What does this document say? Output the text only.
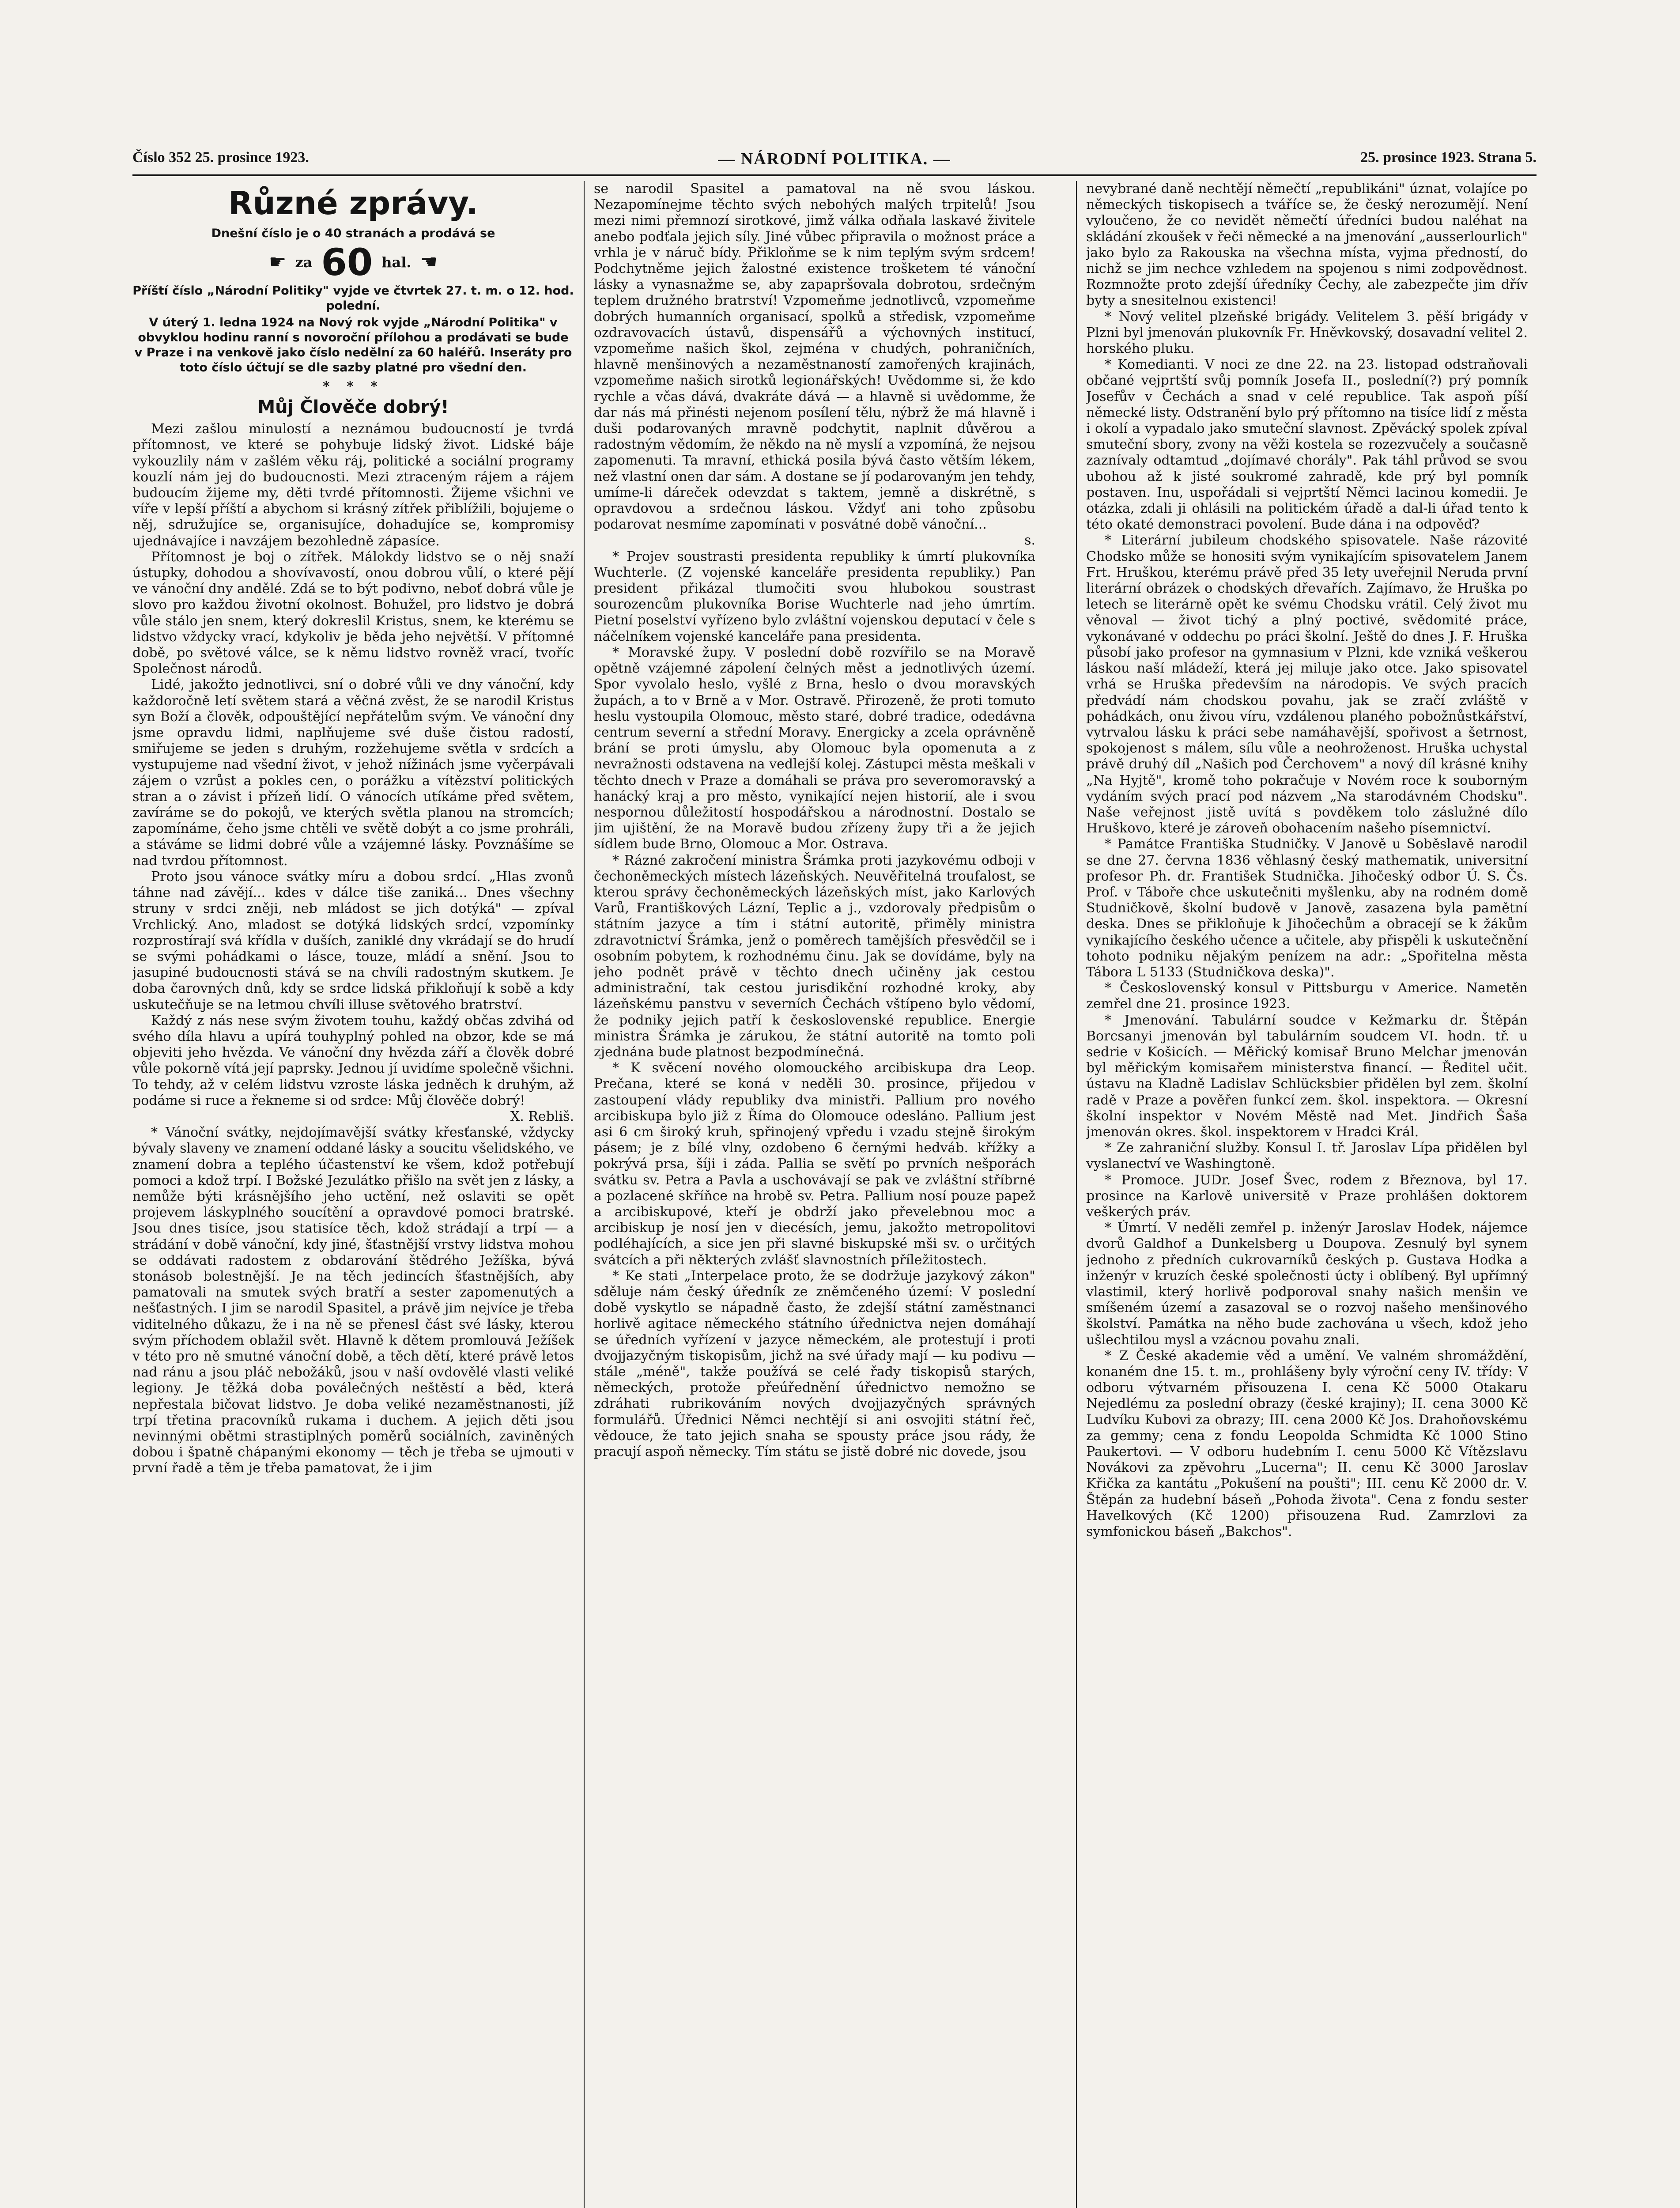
Číslo 352 25. prosince 1923.	— NÁRODNÍ POLITIKA. —	25. prosince 1923. Strana 5.
Různé zprávy.
Dnešní číslo je o 40 stranách a prodává se
☛ za 60 hal. ☚
Příští číslo „Národní Politiky" vyjde ve čtvrtek 27. t. m. o 12. hod. polední.
V úterý 1. ledna 1924 na Nový rok vyjde „Národní Politika" v obvyklou hodinu ranní s novoroční přílohou a prodávati se bude v Praze i na venkově jako číslo nedělní za 60 haléřů. Inseráty pro toto číslo účtují se dle sazby platné pro všední den.
* * *
Můj Člověče dobrý!

Mezi zašlou minulostí a neznámou budoucností je tvrdá přítomnost, ve které se pohybuje lidský život. Lidské báje vykouzlily nám v zašlém věku ráj, politické a sociální programy kouzlí nám jej do budoucnosti. Mezi ztraceným rájem a rájem budoucím žijeme my, děti tvrdé přítomnosti. Žijeme všichni ve víře v lepší příští a abychom si krásný zítřek přiblížili, bojujeme o něj, sdružujíce se, organisujíce, dohadujíce se, kompromisy ujednávajíce i navzájem bezohledně zápasíce.

Přítomnost je boj o zítřek. Málokdy lidstvo se o něj snaží ústupky, dohodou a shovívavostí, onou dobrou vůlí, o které pějí ve vánoční dny andělé. Zdá se to být podivno, neboť dobrá vůle je slovo pro každou životní okolnost. Bohužel, pro lidstvo je dobrá vůle stálo jen snem, který dokreslil Kristus, snem, ke kterému se lidstvo vždycky vrací, kdykoliv je běda jeho největší. V přítomné době, po světové válce, se k němu lidstvo rovněž vrací, tvoříc Společnost národů.

Lidé, jakožto jednotlivci, sní o dobré vůli ve dny vánoční, kdy každoročně letí světem stará a věčná zvěst, že se narodil Kristus syn Boží a člověk, odpouštějící nepřátelům svým. Ve vánoční dny jsme opravdu lidmi, naplňujeme své duše čistou radostí, smiřujeme se jeden s druhým, rozžehujeme světla v srdcích a vystupujeme nad všední život, v jehož nížinách jsme vyčerpávali zájem o vzrůst a pokles cen, o porážku a vítězství politických stran a o závist i přízeň lidí. O vánocích utíkáme před světem, zavíráme se do pokojů, ve kterých světla planou na stromcích; zapomínáme, čeho jsme chtěli ve světě dobýt a co jsme prohráli, a stáváme se lidmi dobré vůle a vzájemné lásky. Povznášíme se nad tvrdou přítomnost.

Proto jsou vánoce svátky míru a dobou srdcí. „Hlas zvonů táhne nad závějí... kdes v dálce tiše zaniká... Dnes všechny struny v srdci zněji, neb mládost se jich dotýká" — zpíval Vrchlický. Ano, mladost se dotýká lidských srdcí, vzpomínky rozprostírají svá křídla v duších, zaniklé dny vkrádají se do hrudí se svými pohádkami o lásce, touze, mládí a snění. Jsou to jasupiné budoucnosti stává se na chvíli radostným skutkem. Je doba čarovných dnů, kdy se srdce lidská přikloňují k sobě a kdy uskutečňuje se na letmou chvíli illuse světového bratrství.

Každý z nás nese svým životem touhu, každý občas zdvihá od svého díla hlavu a upírá touhyplný pohled na obzor, kde se má objeviti jeho hvězda. Ve vánoční dny hvězda září a člověk dobré vůle pokorně vítá její paprsky. Jednou jí uvidíme společně všichni. To tehdy, až v celém lidstvu vzroste láska jedněch k druhým, až podáme si ruce a řekneme si od srdce: Můj člověče dobrý!

X. Rebliš.

* Vánoční svátky, nejdojímavější svátky křesťanské, vždycky bývaly slaveny ve znamení oddané lásky a soucitu všelidského, ve znamení dobra a teplého účastenství ke všem, kdož potřebují pomoci a kdož trpí. I Božské Jezulátko přišlo na svět jen z lásky, a nemůže býti krásnějšího jeho uctění, než oslaviti se opět projevem láskyplného soucítění a opravdové pomoci bratrské. Jsou dnes tisíce, jsou statisíce těch, kdož strádají a trpí — a strádání v době vánoční, kdy jiné, šťastnější vrstvy lidstva mohou se oddávati radostem z obdarování štědrého Ježíška, bývá stonásob bolestnější. Je na těch jedincích šťastnějších, aby pamatovali na smutek svých bratří a sester zapomenutých a nešťastných. I jim se narodil Spasitel, a právě jim nejvíce je třeba viditelného důkazu, že i na ně se přenesl část své lásky, kterou svým příchodem oblažil svět. Hlavně k dětem promlouvá Ježíšek v této pro ně smutné vánoční době, a těch dětí, které právě letos nad ránu a jsou pláč nebožáků, jsou v naší ovdovělé vlasti veliké legiony. Je těžká doba poválečných neštěstí a běd, která nepřestala bičovat lidstvo. Je doba veliké nezaměstnanosti, jíž trpí třetina pracovníků rukama i duchem. A jejich děti jsou nevinnými obětmi strastiplných poměrů sociálních, zaviněných dobou i špatně chápanými ekonomy — těch je třeba se ujmouti v první řadě a těm je třeba pamatovat, že i jim

se narodil Spasitel a pamatoval na ně svou láskou. Nezapomínejme těchto svých nebohých malých trpitelů! Jsou mezi nimi přemnozí sirotkové, jimž válka odňala laskavé živitele anebo podťala jejich síly. Jiné vůbec připravila o možnost práce a vrhla je v náruč bídy. Přikloňme se k nim teplým svým srdcem! Podchytněme jejich žalostné existence trošketem té vánoční lásky a vynasnažme se, aby zapapršovala dobrotou, srdečným teplem družného bratrství! Vzpomeňme jednotlivců, vzpomeňme dobrých humanních organisací, spolků a středisk, vzpomeňme ozdravovacích ústavů, dispensářů a výchovných institucí, vzpomeňme našich škol, zejména v chudých, pohraničních, hlavně menšinových a nezaměstnaností zamořených krajinách, vzpomeňme našich sirotků legionářských! Uvědomme si, že kdo rychle a včas dává, dvakráte dává — a hlavně si uvědomme, že dar nás má přinésti nejenom posílení tělu, nýbrž že má hlavně i duši podarovaných mravně podchytit, naplnit důvěrou a radostným vědomím, že někdo na ně myslí a vzpomíná, že nejsou zapomenuti. Ta mravní, ethická posila bývá často větším lékem, než vlastní onen dar sám. A dostane se jí podarovaným jen tehdy, umíme-li dáreček odevzdat s taktem, jemně a diskrétně, s opravdovou a srdečnou láskou. Vždyť ani toho způsobu podarovat nesmíme zapomínati v posvátné době vánoční...

s.

* Projev soustrasti presidenta republiky k úmrtí plukovníka Wuchterle. (Z vojenské kanceláře presidenta republiky.) Pan president přikázal tlumočiti svou hlubokou soustrast sourozencům plukovníka Borise Wuchterle nad jeho úmrtím. Pietní poselství vyřízeno bylo zvláštní vojenskou deputací v čele s náčelníkem vojenské kanceláře pana presidenta.

* Moravské župy. V poslední době rozvířilo se na Moravě opětně vzájemné zápolení čelných měst a jednotlivých území. Spor vyvolalo heslo, vyšlé z Brna, heslo o dvou moravských župách, a to v Brně a v Mor. Ostravě. Přirozeně, že proti tomuto heslu vystoupila Olomouc, město staré, dobré tradice, odedávna centrum severní a střední Moravy. Energicky a zcela oprávněně brání se proti úmyslu, aby Olomouc byla opomenuta a z nevražnosti odstavena na vedlejší kolej. Zástupci města meškali v těchto dnech v Praze a domáhali se práva pro severomoravský a hanácký kraj a pro město, vynikající nejen historií, ale i svou nespornou důležitostí hospodářskou a národnostní. Dostalo se jim ujištění, že na Moravě budou zřízeny župy tři a že jejich sídlem bude Brno, Olomouc a Mor. Ostrava.

* Rázné zakročení ministra Šrámka proti jazykovému odboji v čechoněmeckých místech lázeňských. Neuvěřitelná troufalost, se kterou správy čechoněmeckých lázeňských míst, jako Karlových Varů, Františkových Lázní, Teplic a j., vzdorovaly předpisům o státním jazyce a tím i státní autoritě, přiměly ministra zdravotnictví Šrámka, jenž o poměrech tamějších přesvědčil se i osobním pobytem, k rozhodnému činu. Jak se dovídáme, byly na jeho podnět právě v těchto dnech učiněny jak cestou administrační, tak cestou jurisdikční rozhodné kroky, aby lázeňskému panstvu v severních Čechách vštípeno bylo vědomí, že podniky jejich patří k československé republice. Energie ministra Šrámka je zárukou, že státní autoritě na tomto poli zjednána bude platnost bezpodmínečná.

* K svěcení nového olomouckého arcibiskupa dra Leop. Prečana, které se koná v neděli 30. prosince, přijedou v zastoupení vlády republiky dva ministři. Pallium pro nového arcibiskupa bylo již z Říma do Olomouce odesláno. Pallium jest asi 6 cm široký kruh, spřinojený vpředu i vzadu stejně širokým pásem; je z bílé vlny, ozdobeno 6 černými hedváb. křížky a pokrývá prsa, šíji i záda. Pallia se světí po prvních nešporách svátku sv. Petra a Pavla a uschovávají se pak ve zvláštní stříbrné a pozlacené skříňce na hrobě sv. Petra. Pallium nosí pouze papež a arcibiskupové, kteří je obdrží jako převelebnou moc a arcibiskup je nosí jen v diecésích, jemu, jakožto metropolitovi podléhajících, a sice jen při slavné biskupské mši sv. o určitých svátcích a při některých zvlášť slavnostních příležitostech.

* Ke stati „Interpelace proto, že se dodržuje jazykový zákon" sděluje nám český úředník ze zněmčeného území: V poslední době vyskytlo se nápadně často, že zdejší státní zaměstnanci horlivě agitace německého státního úřednictva nejen domáhají se úředních vyřízení v jazyce německém, ale protestují i proti dvojjazyčným tiskopisům, jichž na své úřady mají — ku podivu — stále „méně", takže používá se celé řady tiskopisů starých, německých, protože přeúřednění úřednictvo nemožno se zdráhati rubrikováním nových dvojjazyčných správných formulářů. Úřednici Němci nechtějí si ani osvojiti státní řeč, vědouce, že tato jejich snaha se spousty práce jsou rády, že pracují aspoň německy. Tím státu se jistě dobré nic dovede, jsou

nevybrané daně nechtějí němečtí „republikáni" úznat, volajíce po německých tiskopisech a tváříce se, že český nerozumějí. Není vyloučeno, že co nevidět němečtí úředníci budou naléhat na skládání zkoušek v řeči německé a na jmenování „ausserlourlich" jako bylo za Rakouska na všechna místa, vyjma předností, do nichž se jim nechce vzhledem na spojenou s nimi zodpovědnost. Rozmnožte proto zdejší úředníky Čechy, ale zabezpečte jim dřív byty a snesitelnou existenci!

* Nový velitel plzeňské brigády. Velitelem 3. pěší brigády v Plzni byl jmenován plukovník Fr. Hněvkovský, dosavadní velitel 2. horského pluku.

* Komedianti. V noci ze dne 22. na 23. listopad odstraňovali občané vejprtští svůj pomník Josefa II., poslední(?) prý pomník Josefův v Čechách a snad v celé republice. Tak aspoň píší německé listy. Odstranění bylo prý přítomno na tisíce lidí z města i okolí a vypadalo jako smuteční slavnost. Zpěvácký spolek zpíval smuteční sbory, zvony na věži kostela se rozezvučely a současně zaznívaly odtamtud „dojímavé chorály". Pak táhl průvod se svou ubohou až k jisté soukromé zahradě, kde prý byl pomník postaven. Inu, uspořádali si vejprtští Němci lacinou komedii. Je otázka, zdali ji ohlásili na politickém úřadě a dal-li úřad tento k této okaté demonstraci povolení. Bude dána i na odpověď?

* Literární jubileum chodského spisovatele. Naše rázovité Chodsko může se honositi svým vynikajícím spisovatelem Janem Frt. Hruškou, kterému právě před 35 lety uveřejnil Neruda první literární obrázek o chodských dřevařích. Zajímavo, že Hruška po letech se literárně opět ke svému Chodsku vrátil. Celý život mu věnoval — život tichý a plný poctivé, svědomité práce, vykonávané v oddechu po práci školní. Ještě do dnes J. F. Hruška působí jako profesor na gymnasium v Plzni, kde vzniká veškerou láskou naší mládeží, která jej miluje jako otce. Jako spisovatel vrhá se Hruška především na národopis. Ve svých pracích předvádí nám chodskou povahu, jak se zračí zvláště v pohádkách, onu živou víru, vzdálenou planého pobožnůstkářství, vytrvalou lásku k práci sebe namáhavější, spořivost a šetrnost, spokojenost s málem, sílu vůle a neohroženost. Hruška uchystal právě druhý díl „Našich pod Čerchovem" a nový díl krásné knihy „Na Hyjtě", kromě toho pokračuje v Novém roce k souborným vydáním svých prací pod názvem „Na starodávném Chodsku". Naše veřejnost jistě uvítá s povděkem tolo záslužné dílo Hruškovo, které je zároveň obohacením našeho písemnictví.

* Památce Františka Studničky. V Janově u Soběslavě narodil se dne 27. června 1836 věhlasný český mathematik, universitní profesor Ph. dr. František Studnička. Jihočeský odbor Ú. S. Čs. Prof. v Táboře chce uskutečniti myšlenku, aby na rodném domě Studničkově, školní budově v Janově, zasazena byla pamětní deska. Dnes se přikloňuje k Jihočechům a obracejí se k žákům vynikajícího českého učence a učitele, aby přispěli k uskutečnění tohoto podniku nějakým penízem na adr.: „Spořitelna města Tábora L 5133 (Studničkova deska)".

* Československý konsul v Pittsburgu v Americe. Nametěn zemřel dne 21. prosince 1923.

* Jmenování. Tabulární soudce v Kežmarku dr. Štěpán Borcsanyi jmenován byl tabulárním soudcem VI. hodn. tř. u sedrie v Košicích. — Měřický komisař Bruno Melchar jmenován byl měřickým komisařem ministerstva financí. — Ředitel učit. ústavu na Kladně Ladislav Schlücksbier přidělen byl zem. školní radě v Praze a pověřen funkcí zem. škol. inspektora. — Okresní školní inspektor v Novém Městě nad Met. Jindřich Šaša jmenován okres. škol. inspektorem v Hradci Král.

* Ze zahraniční služby. Konsul I. tř. Jaroslav Lípa přidělen byl vyslanectví ve Washingtoně.

* Promoce. JUDr. Josef Švec, rodem z Březnova, byl 17. prosince na Karlově universitě v Praze prohlášen doktorem veškerých práv.

* Úmrtí. V neděli zemřel p. inženýr Jaroslav Hodek, nájemce dvorů Galdhof a Dunkelsberg u Doupova. Zesnulý byl synem jednoho z předních cukrovarníků českých p. Gustava Hodka a inženýr v kruzích české společnosti úcty i oblíbený. Byl upřímný vlastimil, který horlivě podporoval snahy našich menšin ve smíšeném území a zasazoval se o rozvoj našeho menšinového školství. Památka na něho bude zachována u všech, kdož jeho ušlechtilou mysl a vzácnou povahu znali.

* Z České akademie věd a umění. Ve valném shromáždění, konaném dne 15. t. m., prohlášeny byly výroční ceny IV. třídy: V odboru výtvarném přisouzena I. cena Kč 5000 Otakaru Nejedlému za poslední obrazy (české krajiny); II. cena 3000 Kč Ludvíku Kubovi za obrazy; III. cena 2000 Kč Jos. Drahoňovskému za gemmy; cena z fondu Leopolda Schmidta Kč 1000 Stino Paukertovi. — V odboru hudebním I. cenu 5000 Kč Vítězslavu Novákovi za zpěvohru „Lucerna"; II. cenu Kč 3000 Jaroslav Křička za kantátu „Pokušení na poušti"; III. cenu Kč 2000 dr. V. Štěpán za hudební báseň „Pohoda života". Cena z fondu sester Havelkových (Kč 1200) přisouzena Rud. Zamrzlovi za symfonickou báseň „Bakchos".
